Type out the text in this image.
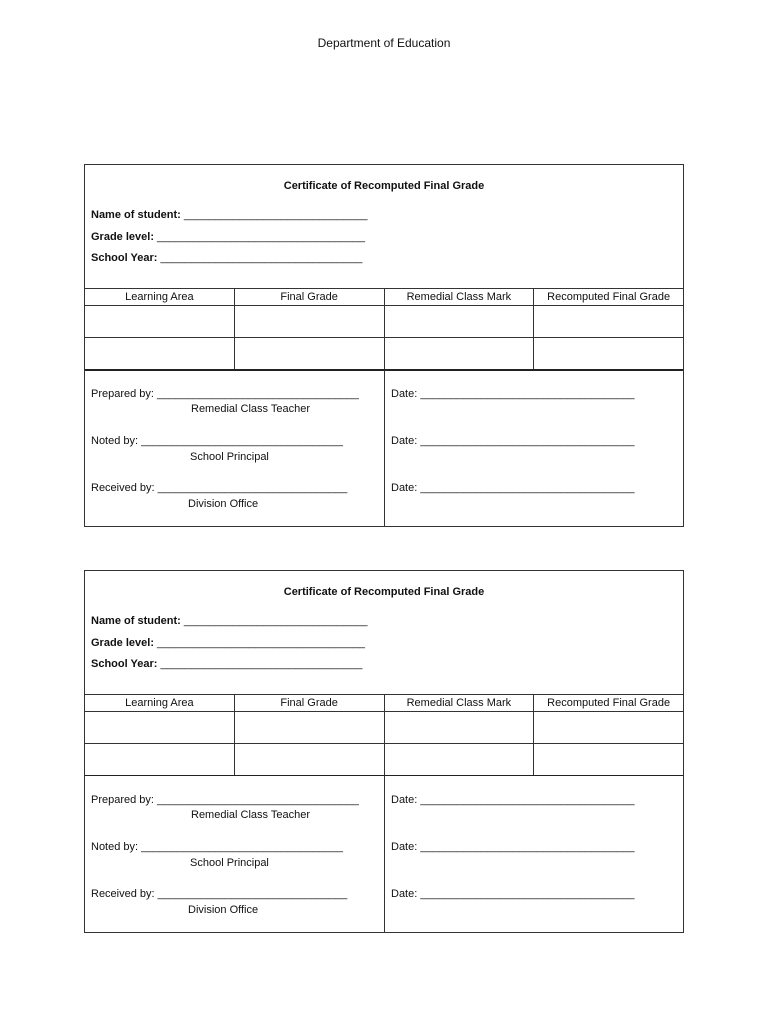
Department of Education
Certificate of Recomputed Final Grade
Name of student: ______________________________
Grade level: __________________________________
School Year: _________________________________
Learning Area	Final Grade	Remedial Class Mark	Recomputed Final Grade

Prepared by: _________________________________
Remedial Class Teacher
Date: ___________________________________
Noted by: _________________________________
School Principal
Date: ___________________________________
Received by: _______________________________
Division Office
Date: ___________________________________
Certificate of Recomputed Final Grade
Name of student: ______________________________
Grade level: __________________________________
School Year: _________________________________
Learning Area	Final Grade	Remedial Class Mark	Recomputed Final Grade

Prepared by: _________________________________
Remedial Class Teacher
Date: ___________________________________
Noted by: _________________________________
School Principal
Date: ___________________________________
Received by: _______________________________
Division Office
Date: ___________________________________
